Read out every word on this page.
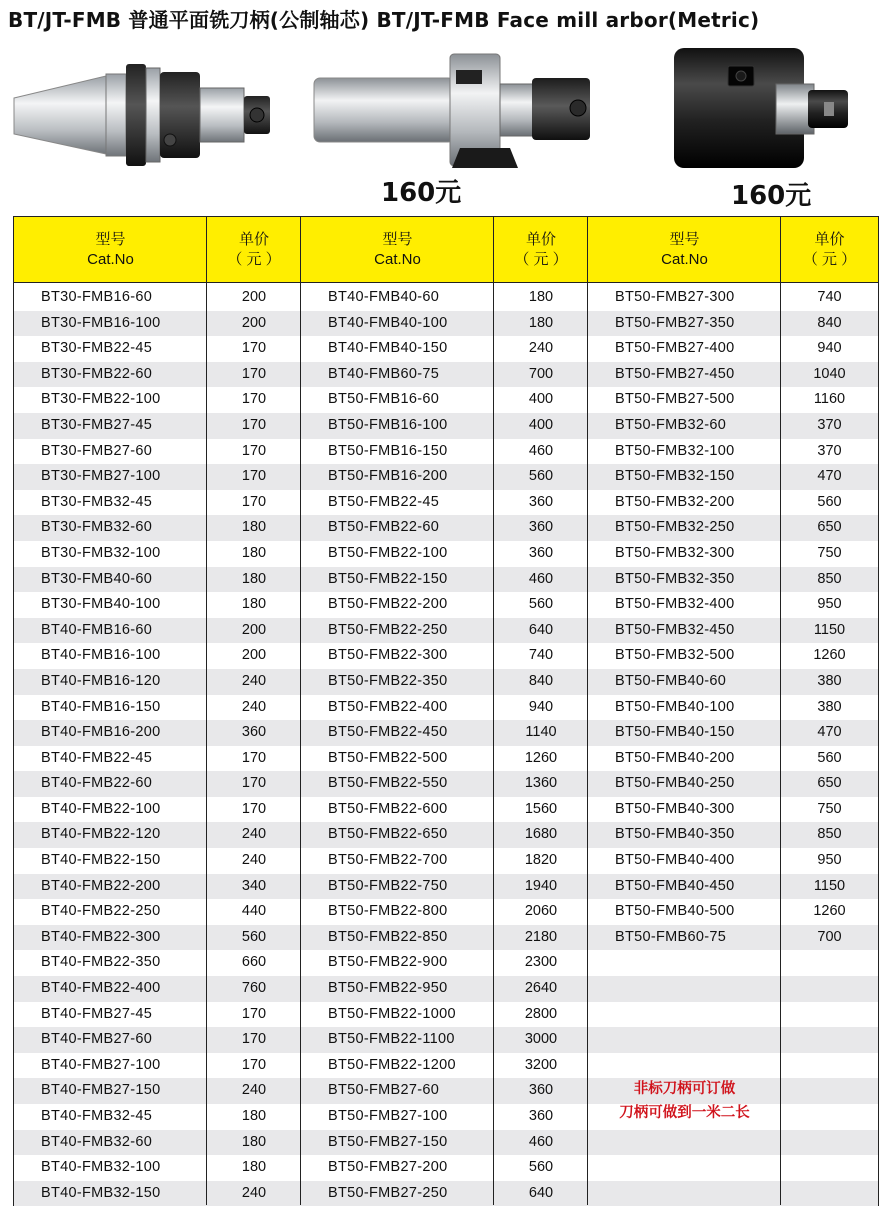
BT/JT-FMB 普通平面铣刀柄(公制轴芯) BT/JT-FMB Face mill arbor(Metric)
160元	160元
型号
Cat.No
单价
（ 元 ）
型号
Cat.No
单价
（ 元 ）
型号
Cat.No
单价
（ 元 ）
BT30-FMB16-60	200
BT30-FMB16-100	200
BT30-FMB22-45	170
BT30-FMB22-60	170
BT30-FMB22-100	170
BT30-FMB27-45	170
BT30-FMB27-60	170
BT30-FMB27-100	170
BT30-FMB32-45	170
BT30-FMB32-60	180
BT30-FMB32-100	180
BT30-FMB40-60	180
BT30-FMB40-100	180
BT40-FMB16-60	200
BT40-FMB16-100	200
BT40-FMB16-120	240
BT40-FMB16-150	240
BT40-FMB16-200	360
BT40-FMB22-45	170
BT40-FMB22-60	170
BT40-FMB22-100	170
BT40-FMB22-120	240
BT40-FMB22-150	240
BT40-FMB22-200	340
BT40-FMB22-250	440
BT40-FMB22-300	560
BT40-FMB22-350	660
BT40-FMB22-400	760
BT40-FMB27-45	170
BT40-FMB27-60	170
BT40-FMB27-100	170
BT40-FMB27-150	240
BT40-FMB32-45	180
BT40-FMB32-60	180
BT40-FMB32-100	180
BT40-FMB32-150	240
BT40-FMB40-60	180
BT40-FMB40-100	180
BT40-FMB40-150	240
BT40-FMB60-75	700
BT50-FMB16-60	400
BT50-FMB16-100	400
BT50-FMB16-150	460
BT50-FMB16-200	560
BT50-FMB22-45	360
BT50-FMB22-60	360
BT50-FMB22-100	360
BT50-FMB22-150	460
BT50-FMB22-200	560
BT50-FMB22-250	640
BT50-FMB22-300	740
BT50-FMB22-350	840
BT50-FMB22-400	940
BT50-FMB22-450	1140
BT50-FMB22-500	1260
BT50-FMB22-550	1360
BT50-FMB22-600	1560
BT50-FMB22-650	1680
BT50-FMB22-700	1820
BT50-FMB22-750	1940
BT50-FMB22-800	2060
BT50-FMB22-850	2180
BT50-FMB22-900	2300
BT50-FMB22-950	2640
BT50-FMB22-1000	2800
BT50-FMB22-1100	3000
BT50-FMB22-1200	3200
BT50-FMB27-60	360
BT50-FMB27-100	360
BT50-FMB27-150	460
BT50-FMB27-200	560
BT50-FMB27-250	640
BT50-FMB27-300	740
BT50-FMB27-350	840
BT50-FMB27-400	940
BT50-FMB27-450	1040
BT50-FMB27-500	1160
BT50-FMB32-60	370
BT50-FMB32-100	370
BT50-FMB32-150	470
BT50-FMB32-200	560
BT50-FMB32-250	650
BT50-FMB32-300	750
BT50-FMB32-350	850
BT50-FMB32-400	950
BT50-FMB32-450	1150
BT50-FMB32-500	1260
BT50-FMB40-60	380
BT50-FMB40-100	380
BT50-FMB40-150	470
BT50-FMB40-200	560
BT50-FMB40-250	650
BT50-FMB40-300	750
BT50-FMB40-350	850
BT50-FMB40-400	950
BT50-FMB40-450	1150
BT50-FMB40-500	1260
BT50-FMB60-75	700
非标刀柄可订做
刀柄可做到一米二长
